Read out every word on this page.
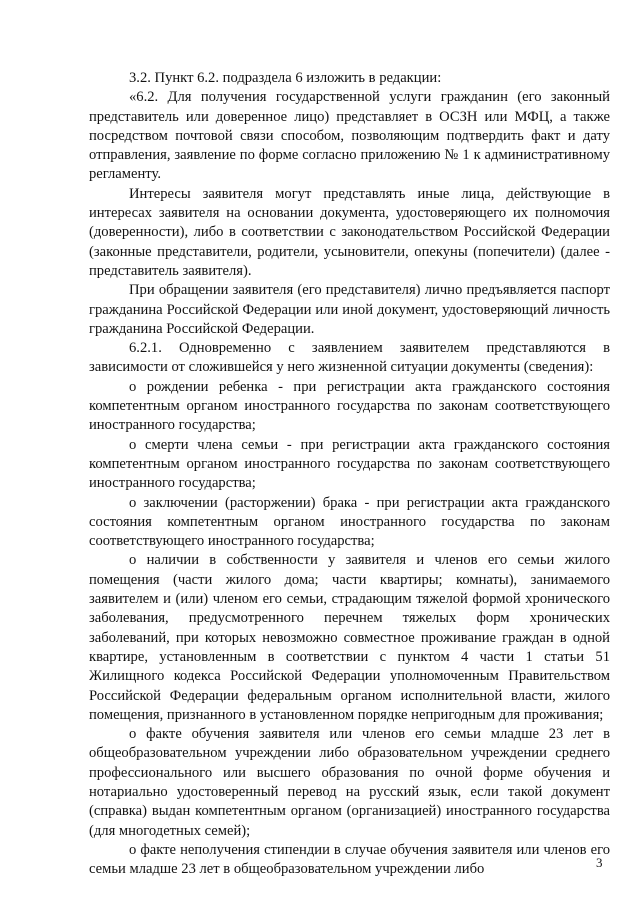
3.2. Пункт 6.2. подраздела 6 изложить в редакции:

«6.2. Для получения государственной услуги гражданин (его законный представитель или доверенное лицо) представляет в ОСЗН или МФЦ, а также посредством почтовой связи способом, позволяющим подтвердить факт и дату отправления, заявление по форме согласно приложению № 1 к административному регламенту.

Интересы заявителя могут представлять иные лица, действующие в интересах заявителя на основании документа, удостоверяющего их полномочия (доверенности), либо в соответствии с законодательством Российской Федерации (законные представители, родители, усыновители, опекуны (попечители) (далее - представитель заявителя).

При обращении заявителя (его представителя) лично предъявляется паспорт гражданина Российской Федерации или иной документ, удостоверяющий личность гражданина Российской Федерации.

6.2.1. Одновременно с заявлением заявителем представляются в зависимости от сложившейся у него жизненной ситуации документы (сведения):

о рождении ребенка - при регистрации акта гражданского состояния компетентным органом иностранного государства по законам соответствующего иностранного государства;

о смерти члена семьи - при регистрации акта гражданского состояния компетентным органом иностранного государства по законам соответствующего иностранного государства;

о заключении (расторжении) брака - при регистрации акта гражданского состояния компетентным органом иностранного государства по законам соответствующего иностранного государства;

о наличии в собственности у заявителя и членов его семьи жилого помещения (части жилого дома; части квартиры; комнаты), занимаемого заявителем и (или) членом его семьи, страдающим тяжелой формой хронического заболевания, предусмотренного перечнем тяжелых форм хронических заболеваний, при которых невозможно совместное проживание граждан в одной квартире, установленным в соответствии с пунктом 4 части 1 статьи 51 Жилищного кодекса Российской Федерации уполномоченным Правительством Российской Федерации федеральным органом исполнительной власти, жилого помещения, признанного в установленном порядке непригодным для проживания;

о факте обучения заявителя или членов его семьи младше 23 лет в общеобразовательном учреждении либо образовательном учреждении среднего профессионального или высшего образования по очной форме обучения и нотариально удостоверенный перевод на русский язык, если такой документ (справка) выдан компетентным органом (организацией) иностранного государства (для многодетных семей);

о факте неполучения стипендии в случае обучения заявителя или членов его семьи младше 23 лет в общеобразовательном учреждении либо	3
